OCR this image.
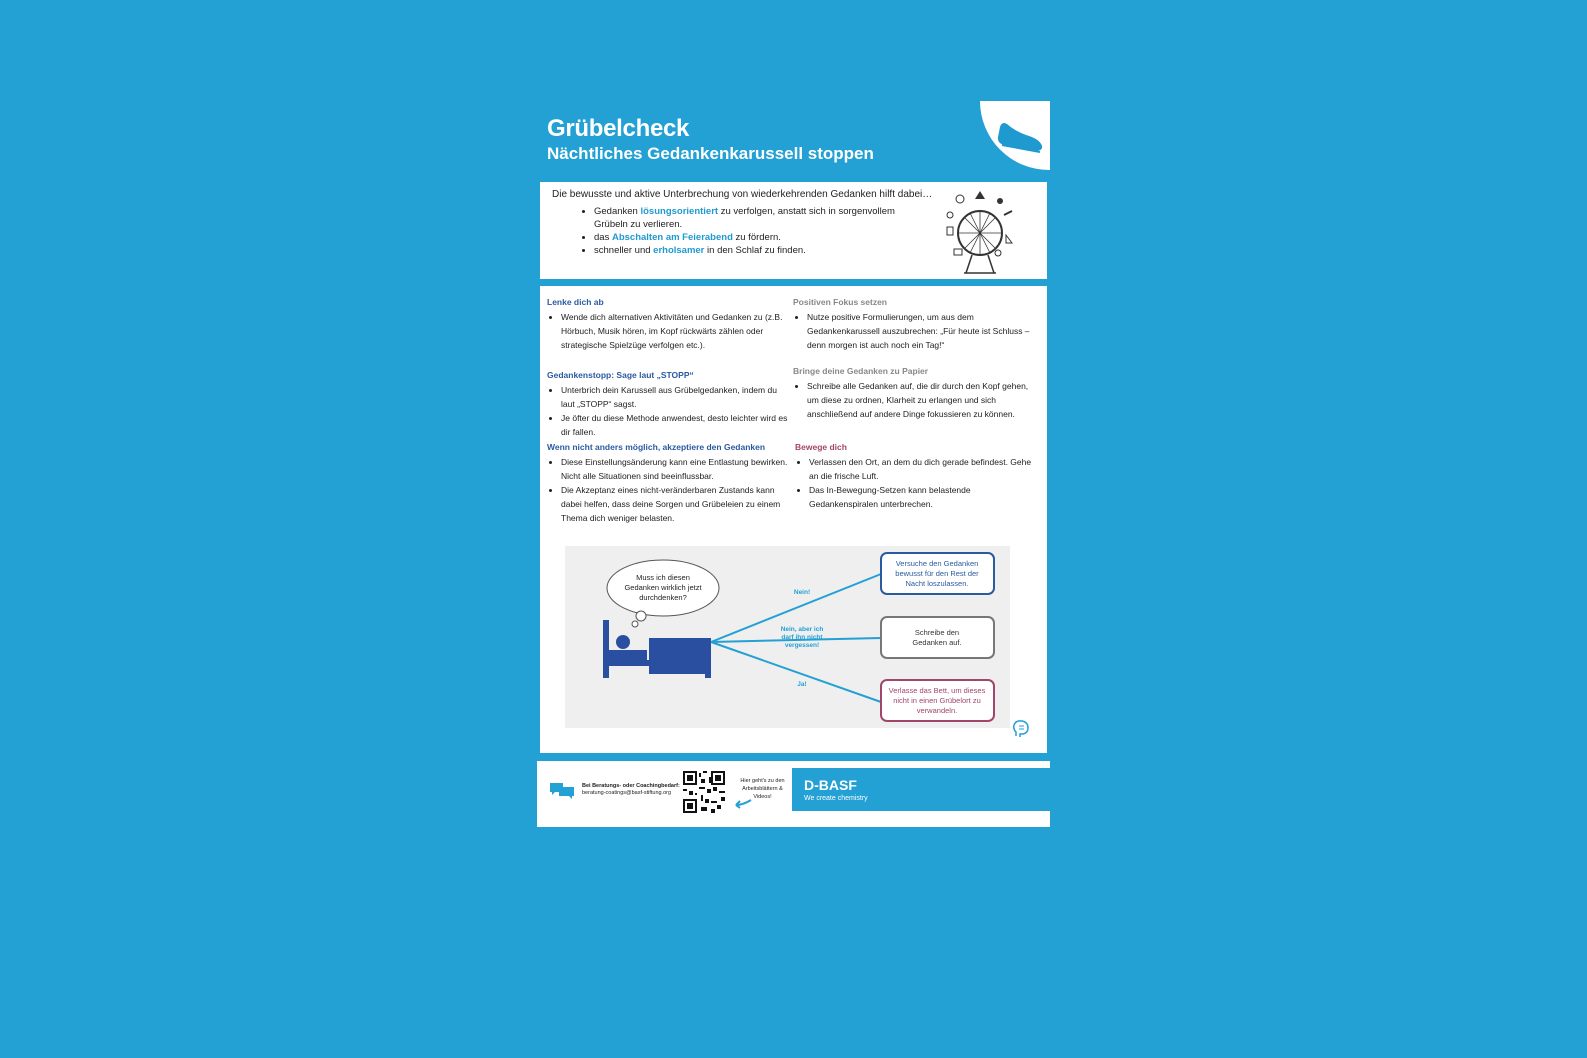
Grübelcheck
Nächtliches Gedankenkarussell stoppen
Die bewusste und aktive Unterbrechung von wiederkehrenden Gedanken hilft dabei…
• Gedanken lösungsorientiert zu verfolgen, anstatt sich in sorgenvollem Grübeln zu verlieren.
• das Abschalten am Feierabend zu fördern.
• schneller und erholsamer in den Schlaf zu finden.
Lenke dich ab
• Wende dich alternativen Aktivitäten und Gedanken zu (z.B. Hörbuch, Musik hören, im Kopf rückwärts zählen oder strategische Spielzüge verfolgen etc.).
Gedankenstopp: Sage laut „STOPP“
• Unterbrich dein Karussell aus Grübelgedanken, indem du laut „STOPP“ sagst.
• Je öfter du diese Methode anwendest, desto leichter wird es dir fallen.
Wenn nicht anders möglich, akzeptiere den Gedanken
• Diese Einstellungsänderung kann eine Entlastung bewirken. Nicht alle Situationen sind beeinflussbar.
• Die Akzeptanz eines nicht-veränderbaren Zustands kann dabei helfen, dass deine Sorgen und Grübeleien zu einem Thema dich weniger belasten.
Positiven Fokus setzen
• Nutze positive Formulierungen, um aus dem Gedankenkarussell auszubrechen: „Für heute ist Schluss – denn morgen ist auch noch ein Tag!“
Bringe deine Gedanken zu Papier
• Schreibe alle Gedanken auf, die dir durch den Kopf gehen, um diese zu ordnen, Klarheit zu erlangen und sich anschließend auf andere Dinge fokussieren zu können.
Bewege dich
• Verlassen den Ort, an dem du dich gerade befindest. Gehe an die frische Luft.
• Das In-Bewegung-Setzen kann belastende Gedankenspiralen unterbrechen.
Muss ich diesen Gedanken wirklich jetzt durchdenken?
Nein!
Nein, aber ich darf ihn nicht vergessen!
Ja!
Versuche den Gedanken bewusst für den Rest der Nacht loszulassen.
Schreibe den Gedanken auf.
Verlasse das Bett, um dieses nicht in einen Grübelort zu verwandeln.
Bei Beratungs- oder Coachingbedarf:
beratung-coatings@basf-stiftung.org
Hier geht's zu den Arbeitsblättern & Videos!
D-BASF
We create chemistry
